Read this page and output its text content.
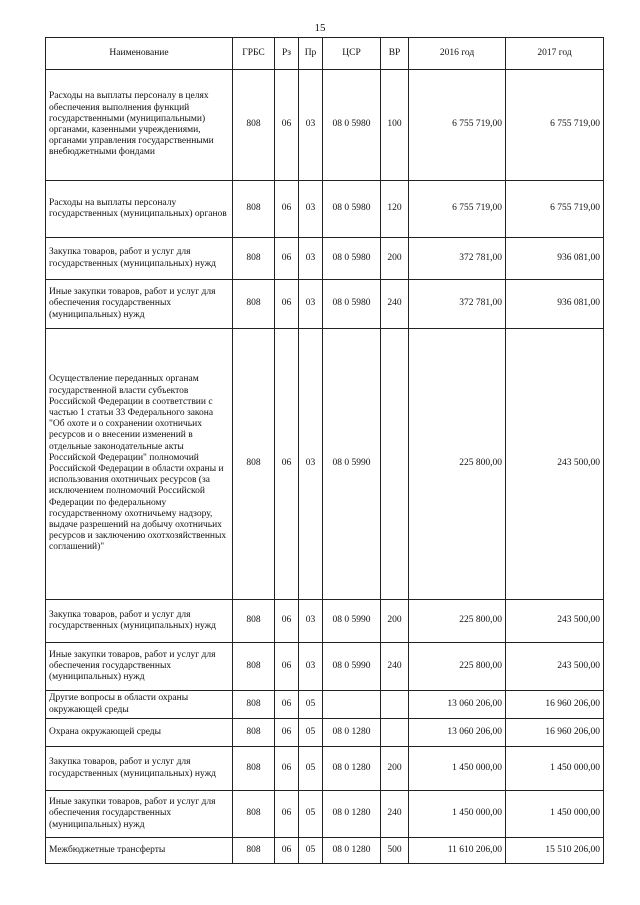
15
Наименование	ГРБС	Рз	Пр	ЦСР	ВР	2016 год	2017 год
Расходы на выплаты персоналу в целях обеспечения выполнения функций государственными (муниципальными) органами, казенными учреждениями, органами управления государственными внебюджетными фондами	808	06	03	08 0 5980	100	6 755 719,00	6 755 719,00
Расходы на выплаты персоналу государственных (муниципальных) органов	808	06	03	08 0 5980	120	6 755 719,00	6 755 719,00
Закупка товаров, работ и услуг для государственных (муниципальных) нужд	808	06	03	08 0 5980	200	372 781,00	936 081,00
Иные закупки товаров, работ и услуг для обеспечения государственных (муниципальных) нужд	808	06	03	08 0 5980	240	372 781,00	936 081,00
Осуществление переданных органам государственной власти субъектов Российской Федерации в соответствии с частью 1 статьи 33 Федерального закона "Об охоте и о сохранении охотничьих ресурсов и о внесении изменений в отдельные законодательные акты Российской Федерации" полномочий Российской Федерации в области охраны и использования охотничьих ресурсов (за исключением полномочий Российской Федерации по федеральному государственному охотничьему надзору, выдаче разрешений на добычу охотничьих ресурсов и заключению охотхозяйственных соглашений)"	808	06	03	08 0 5990		225 800,00	243 500,00
Закупка товаров, работ и услуг для государственных (муниципальных) нужд	808	06	03	08 0 5990	200	225 800,00	243 500,00
Иные закупки товаров, работ и услуг для обеспечения государственных (муниципальных) нужд	808	06	03	08 0 5990	240	225 800,00	243 500,00
Другие вопросы в области охраны окружающей среды	808	06	05			13 060 206,00	16 960 206,00
Охрана окружающей среды	808	06	05	08 0 1280		13 060 206,00	16 960 206,00
Закупка товаров, работ и услуг для государственных (муниципальных) нужд	808	06	05	08 0 1280	200	1 450 000,00	1 450 000,00
Иные закупки товаров, работ и услуг для обеспечения государственных (муниципальных) нужд	808	06	05	08 0 1280	240	1 450 000,00	1 450 000,00
Межбюджетные трансферты	808	06	05	08 0 1280	500	11 610 206,00	15 510 206,00
